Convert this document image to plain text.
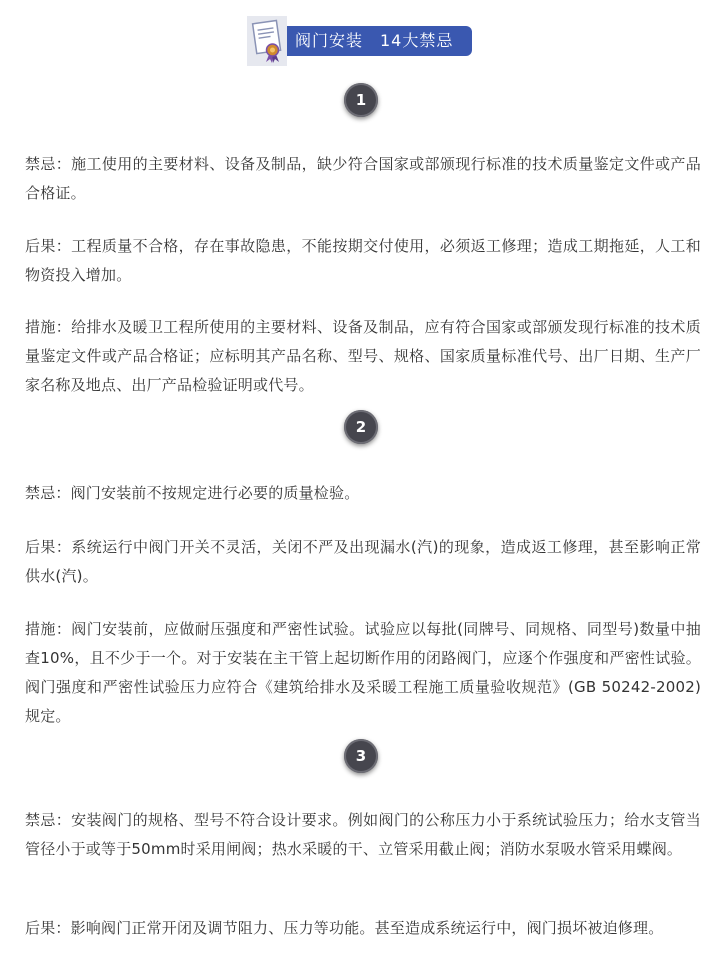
阀门安装　14大禁忌
1

禁忌：施工使用的主要材料、设备及制品，缺少符合国家或部颁现行标准的技术质量鉴定文件或产品合格证。

后果：工程质量不合格，存在事故隐患，不能按期交付使用，必须返工修理；造成工期拖延，人工和物资投入增加。

措施：给排水及暖卫工程所使用的主要材料、设备及制品，应有符合国家或部颁发现行标准的技术质量鉴定文件或产品合格证；应标明其产品名称、型号、规格、国家质量标准代号、出厂日期、生产厂家名称及地点、出厂产品检验证明或代号。

2

禁忌：阀门安装前不按规定进行必要的质量检验。

后果：系统运行中阀门开关不灵活，关闭不严及出现漏水(汽)的现象，造成返工修理，甚至影响正常供水(汽)。

措施：阀门安装前，应做耐压强度和严密性试验。试验应以每批(同牌号、同规格、同型号)数量中抽查10%，且不少于一个。对于安装在主干管上起切断作用的闭路阀门，应逐个作强度和严密性试验。阀门强度和严密性试验压力应符合《建筑给排水及采暖工程施工质量验收规范》(GB 50242-2002)规定。

3

禁忌：安装阀门的规格、型号不符合设计要求。例如阀门的公称压力小于系统试验压力；给水支管当管径小于或等于50mm时采用闸阀；热水采暖的干、立管采用截止阀；消防水泵吸水管采用蝶阀。

后果：影响阀门正常开闭及调节阻力、压力等功能。甚至造成系统运行中，阀门损坏被迫修理。
